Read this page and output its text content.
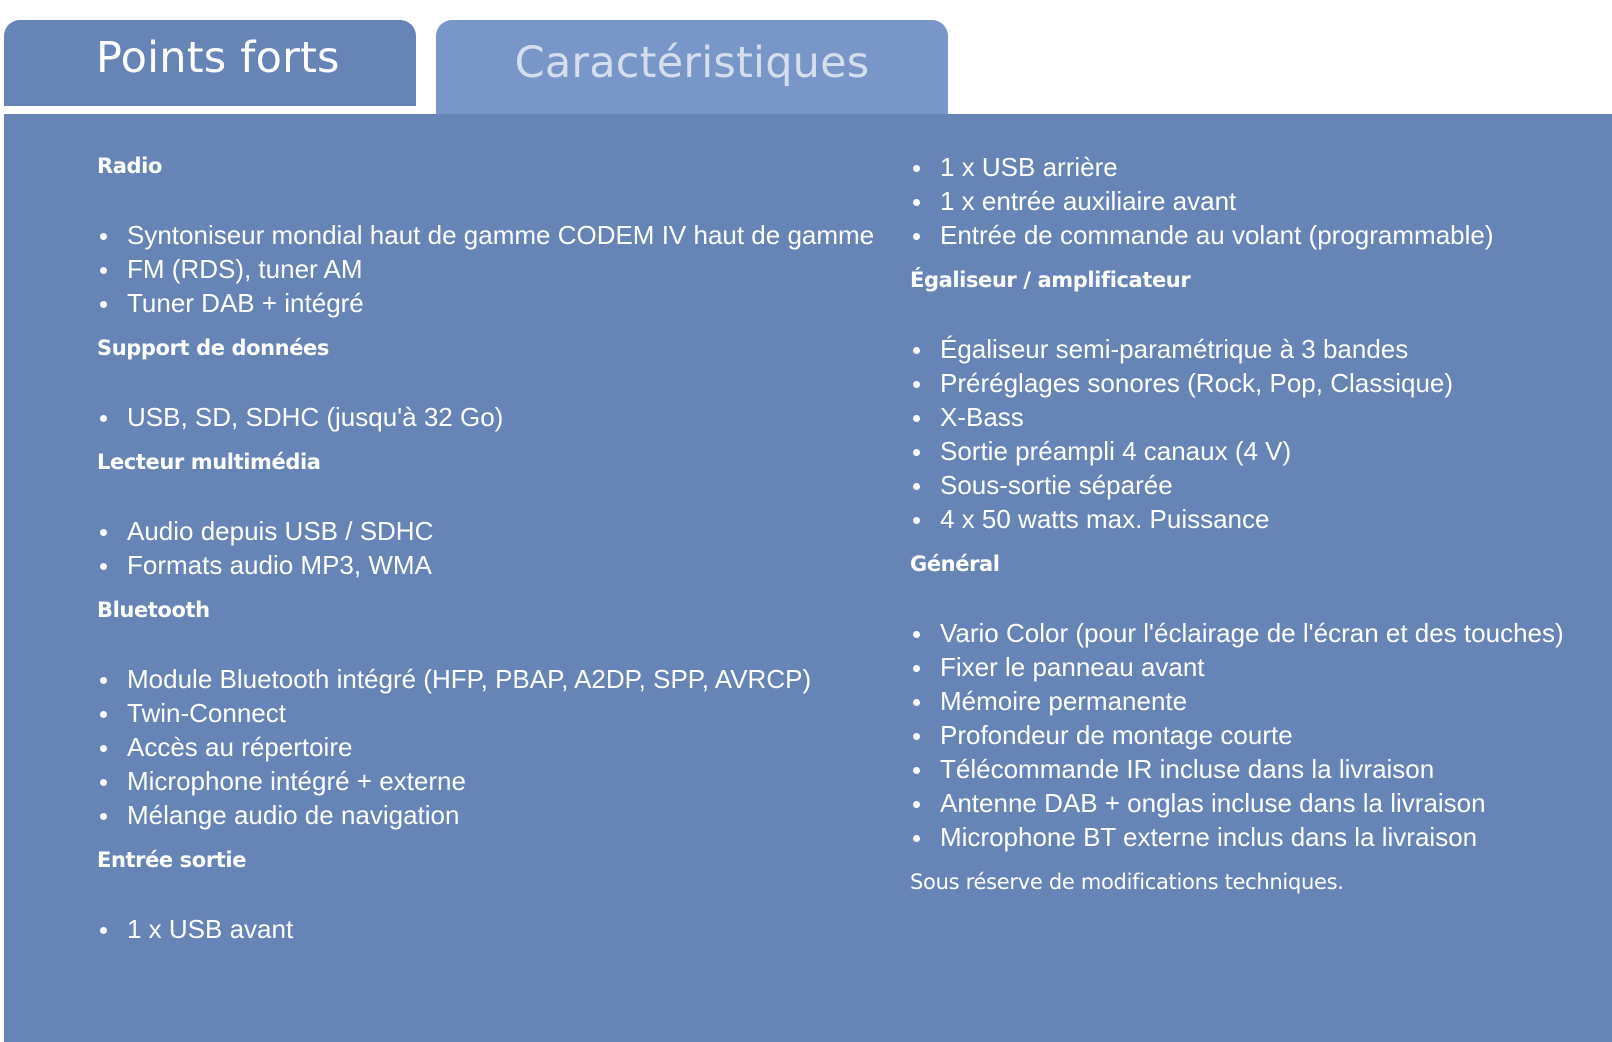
Points forts	Caractéristiques
Radio
Syntoniseur mondial haut de gamme CODEM IV haut de gamme
FM (RDS), tuner AM
Tuner DAB + intégré
Support de données
USB, SD, SDHC (jusqu'à 32 Go)
Lecteur multimédia
Audio depuis USB / SDHC
Formats audio MP3, WMA
Bluetooth
Module Bluetooth intégré (HFP, PBAP, A2DP, SPP, AVRCP)
Twin-Connect
Accès au répertoire
Microphone intégré + externe
Mélange audio de navigation
Entrée sortie
1 x USB avant
1 x USB arrière
1 x entrée auxiliaire avant
Entrée de commande au volant (programmable)
Égaliseur / amplificateur
Égaliseur semi-paramétrique à 3 bandes
Préréglages sonores (Rock, Pop, Classique)
X-Bass
Sortie préampli 4 canaux (4 V)
Sous-sortie séparée
4 x 50 watts max. Puissance
Général
Vario Color (pour l'éclairage de l'écran et des touches)
Fixer le panneau avant
Mémoire permanente
Profondeur de montage courte
Télécommande IR incluse dans la livraison
Antenne DAB + onglas incluse dans la livraison
Microphone BT externe inclus dans la livraison

Sous réserve de modifications techniques.
